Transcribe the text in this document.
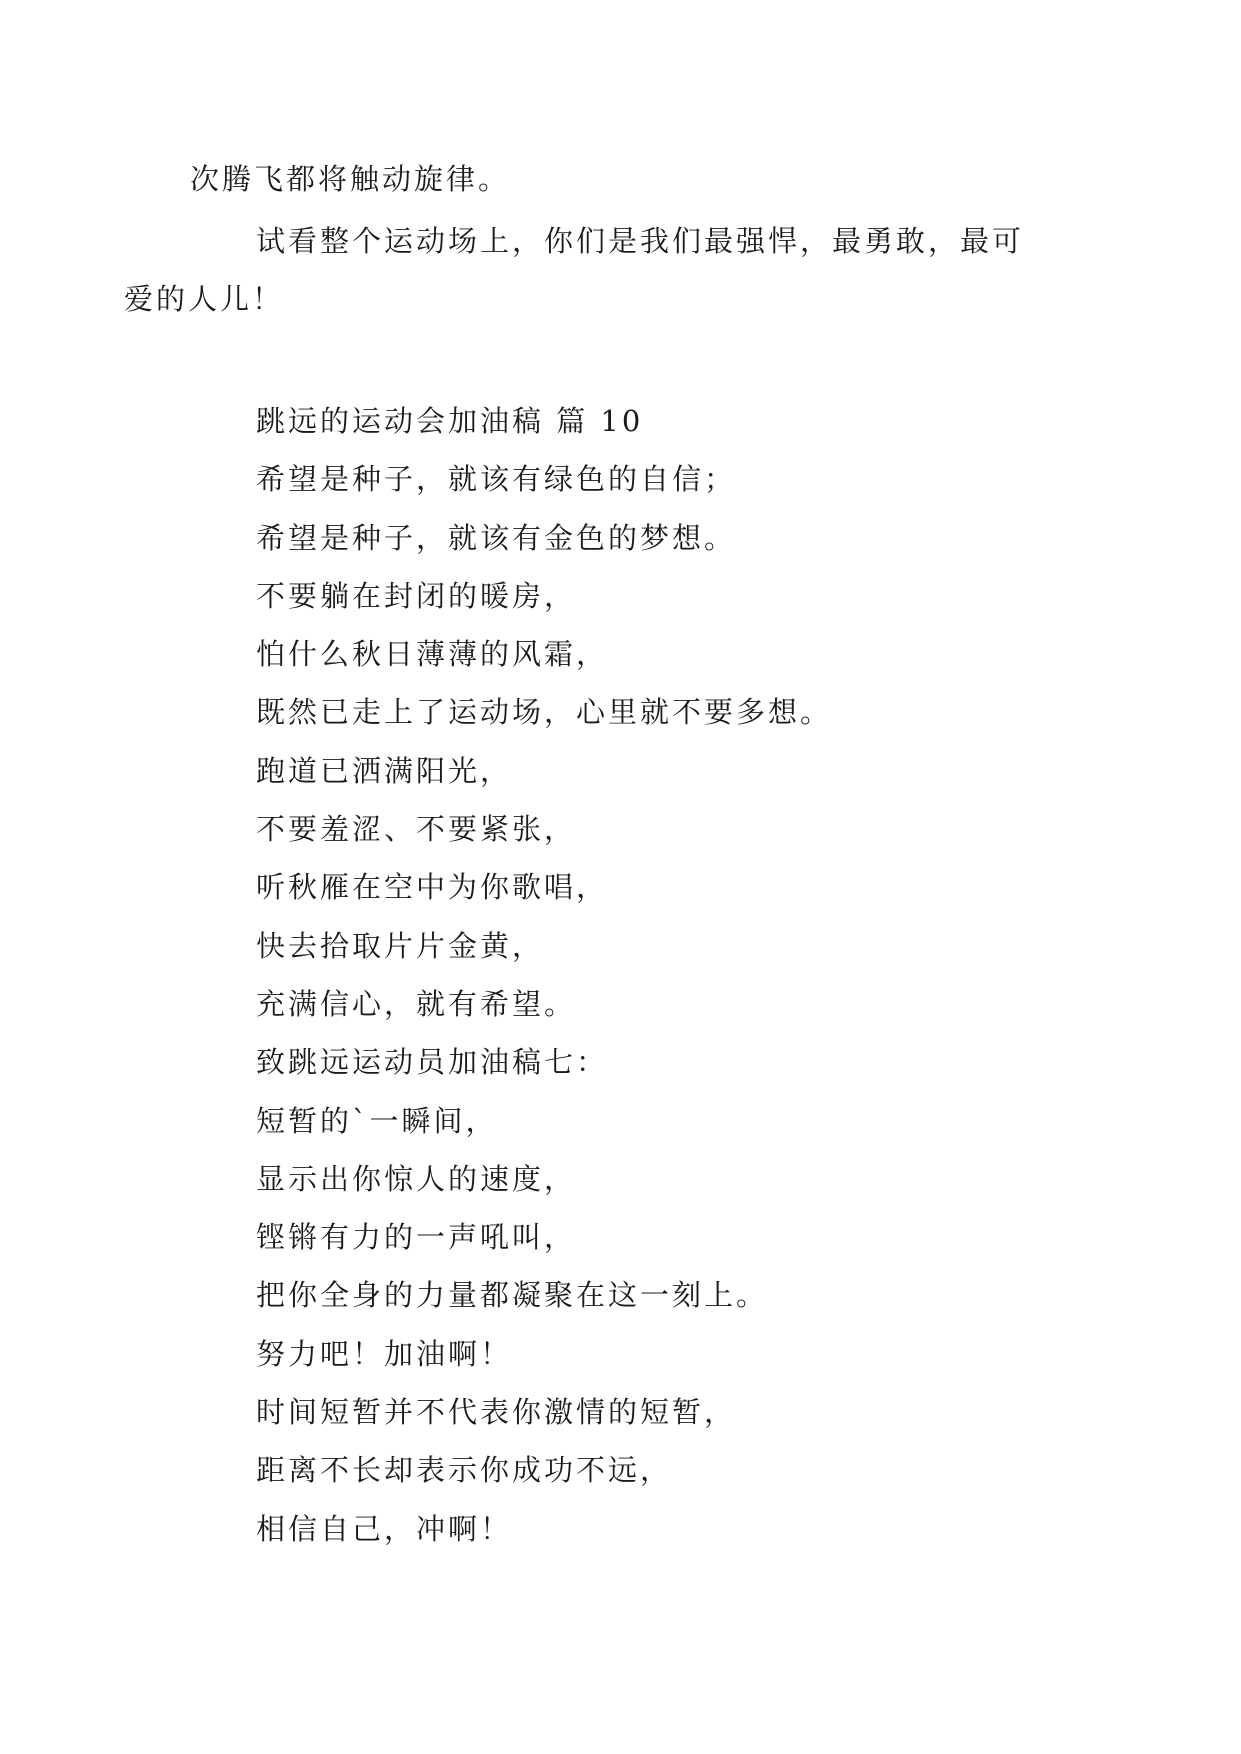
次腾飞都将触动旋律。

试看整个运动场上，你们是我们最强悍，最勇敢，最可
爱的人儿！

跳远的运动会加油稿 篇 10
希望是种子，就该有绿色的自信；
希望是种子，就该有金色的梦想。
不要躺在封闭的暖房，
怕什么秋日薄薄的风霜，
既然已走上了运动场，心里就不要多想。
跑道已洒满阳光，
不要羞涩、不要紧张，
听秋雁在空中为你歌唱，
快去拾取片片金黄，
充满信心，就有希望。
致跳远运动员加油稿七：
短暂的`一瞬间，
显示出你惊人的速度，
铿锵有力的一声吼叫，
把你全身的力量都凝聚在这一刻上。
努力吧！加油啊！
时间短暂并不代表你激情的短暂，
距离不长却表示你成功不远，
相信自己，冲啊！
